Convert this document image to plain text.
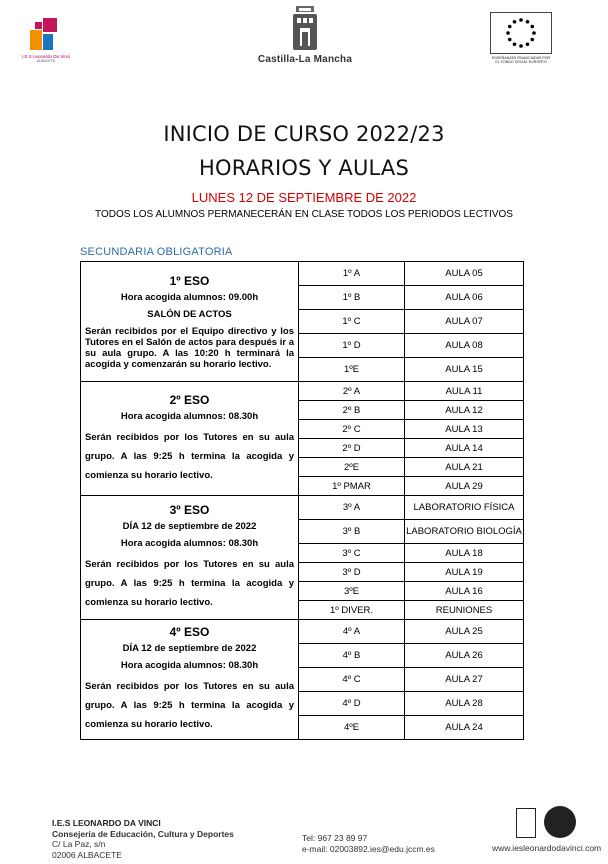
I.E.S Leonardo Da Vinci
ALBACETE	Castilla-La Mancha	ENSEÑANZAS FINANCIADAS POR EL FONDO SOCIAL EUROPEO
INICIO DE CURSO 2022/23
HORARIOS Y AULAS
LUNES 12 DE SEPTIEMBRE DE 2022
TODOS LOS ALUMNOS PERMANECERÁN EN CLASE TODOS LOS PERIODOS LECTIVOS
SECUNDARIA OBLIGATORIA
1º ESO
Hora acogida alumnos: 09.00h
SALÓN DE ACTOS
Serán recibidos por el Equipo directivo y los Tutores en el Salón de actos para después ir a su aula grupo. A las 10:20 h terminará la acogida y comenzarán su horario lectivo.	1º A	AULA 05
	1º B	AULA 06
	1º C	AULA 07
	1º D	AULA 08
	1ºE	AULA 15

2º ESO
Hora acogida alumnos: 08.30h
Serán recibidos por los Tutores en su aula grupo. A las 9:25 h termina la acogida y comienza su horario lectivo.	2º A	AULA 11
	2º B	AULA 12
	2º C	AULA 13
	2º D	AULA 14
	2ºE	AULA 21
	1º PMAR	AULA 29

3º ESO
DÍA 12 de septiembre de 2022
Hora acogida alumnos: 08.30h
Serán recibidos por los Tutores en su aula grupo. A las 9:25 h termina la acogida y comienza su horario lectivo.	3º A	LABORATORIO FÍSICA
	3º B	LABORATORIO BIOLOGÍA
	3º C	AULA 18
	3º D	AULA 19
	3ºE	AULA 16
	1º DIVER.	REUNIONES

4º ESO
DÍA 12 de septiembre de 2022
Hora acogida alumnos: 08.30h
Serán recibidos por los Tutores en su aula grupo. A las 9:25 h termina la acogida y comienza su horario lectivo.	4º A	AULA 25
	4º B	AULA 26
	4º C	AULA 27
	4º D	AULA 28
	4ºE	AULA 24
I.E.S LEONARDO DA VINCI
Consejería de Educación, Cultura y Deportes
C/ La Paz, s/n
02006 ALBACETE
Tel: 967 23 89 97
e-mail: 02003892.ies@edu.jccm.es	www.iesleonardodavinci.com
